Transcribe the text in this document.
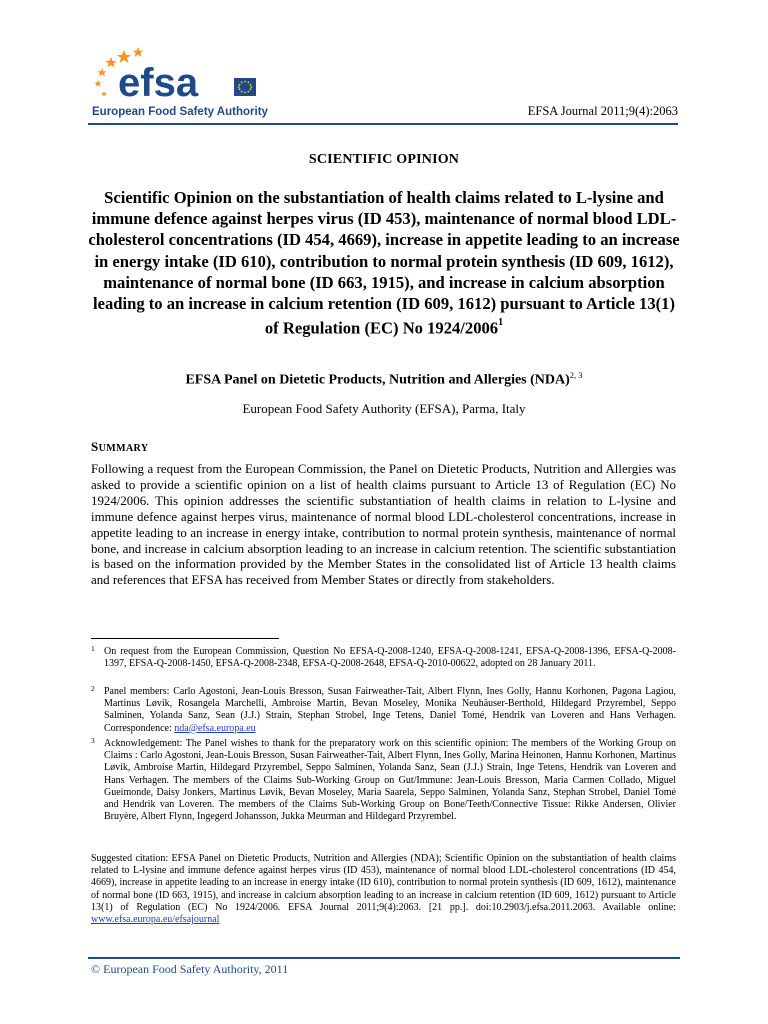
efsa
European Food Safety Authority	EFSA Journal 2011;9(4):2063
SCIENTIFIC OPINION
Scientific Opinion on the substantiation of health claims related to L-lysine and immune defence against herpes virus (ID 453), maintenance of normal blood LDL-cholesterol concentrations (ID 454, 4669), increase in appetite leading to an increase in energy intake (ID 610), contribution to normal protein synthesis (ID 609, 1612), maintenance of normal bone (ID 663, 1915), and increase in calcium absorption leading to an increase in calcium retention (ID 609, 1612) pursuant to Article 13(1) of Regulation (EC) No 1924/2006$^1$
EFSA Panel on Dietetic Products, Nutrition and Allergies (NDA)$^{2, 3}$
European Food Safety Authority (EFSA), Parma, Italy
SUMMARY
Following a request from the European Commission, the Panel on Dietetic Products, Nutrition and Allergies was asked to provide a scientific opinion on a list of health claims pursuant to Article 13 of Regulation (EC) No 1924/2006. This opinion addresses the scientific substantiation of health claims in relation to L-lysine and immune defence against herpes virus, maintenance of normal blood LDL-cholesterol concentrations, increase in appetite leading to an increase in energy intake, contribution to normal protein synthesis, maintenance of normal bone, and increase in calcium absorption leading to an increase in calcium retention. The scientific substantiation is based on the information provided by the Member States in the consolidated list of Article 13 health claims and references that EFSA has received from Member States or directly from stakeholders.
1 On request from the European Commission, Question No EFSA-Q-2008-1240, EFSA-Q-2008-1241, EFSA-Q-2008-1396, EFSA-Q-2008-1397, EFSA-Q-2008-1450, EFSA-Q-2008-2348, EFSA-Q-2008-2648, EFSA-Q-2010-00622, adopted on 28 January 2011.
2 Panel members: Carlo Agostoni, Jean-Louis Bresson, Susan Fairweather-Tait, Albert Flynn, Ines Golly, Hannu Korhonen, Pagona Lagiou, Martinus Løvik, Rosangela Marchelli, Ambroise Martin, Bevan Moseley, Monika Neuhäuser-Berthold, Hildegard Przyrembel, Seppo Salminen, Yolanda Sanz, Sean (J.J.) Strain, Stephan Strobel, Inge Tetens, Daniel Tomé, Hendrik van Loveren and Hans Verhagen. Correspondence: nda@efsa.europa.eu
3 Acknowledgement: The Panel wishes to thank for the preparatory work on this scientific opinion: The members of the Working Group on Claims : Carlo Agostoni, Jean-Louis Bresson, Susan Fairweather-Tait, Albert Flynn, Ines Golly, Marina Heinonen, Hannu Korhonen, Martinus Løvik, Ambroise Martin, Hildegard Przyrembel, Seppo Salminen, Yolanda Sanz, Sean (J.J.) Strain, Inge Tetens, Hendrik van Loveren and Hans Verhagen. The members of the Claims Sub-Working Group on Gut/Immune: Jean-Louis Bresson, Maria Carmen Collado, Miguel Gueimonde, Daisy Jonkers, Martinus Løvik, Bevan Moseley, Maria Saarela, Seppo Salminen, Yolanda Sanz, Stephan Strobel, Daniel Tomé and Hendrik van Loveren. The members of the Claims Sub-Working Group on Bone/Teeth/Connective Tissue: Rikke Andersen, Olivier Bruyère, Albert Flynn, Ingegerd Johansson, Jukka Meurman and Hildegard Przyrembel.
Suggested citation: EFSA Panel on Dietetic Products, Nutrition and Allergies (NDA); Scientific Opinion on the substantiation of health claims related to L-lysine and immune defence against herpes virus (ID 453), maintenance of normal blood LDL-cholesterol concentrations (ID 454, 4669), increase in appetite leading to an increase in energy intake (ID 610), contribution to normal protein synthesis (ID 609, 1612), maintenance of normal bone (ID 663, 1915), and increase in calcium absorption leading to an increase in calcium retention (ID 609, 1612) pursuant to Article 13(1) of Regulation (EC) No 1924/2006. EFSA Journal 2011;9(4):2063. [21 pp.]. doi:10.2903/j.efsa.2011.2063. Available online: www.efsa.europa.eu/efsajournal
© European Food Safety Authority, 2011
